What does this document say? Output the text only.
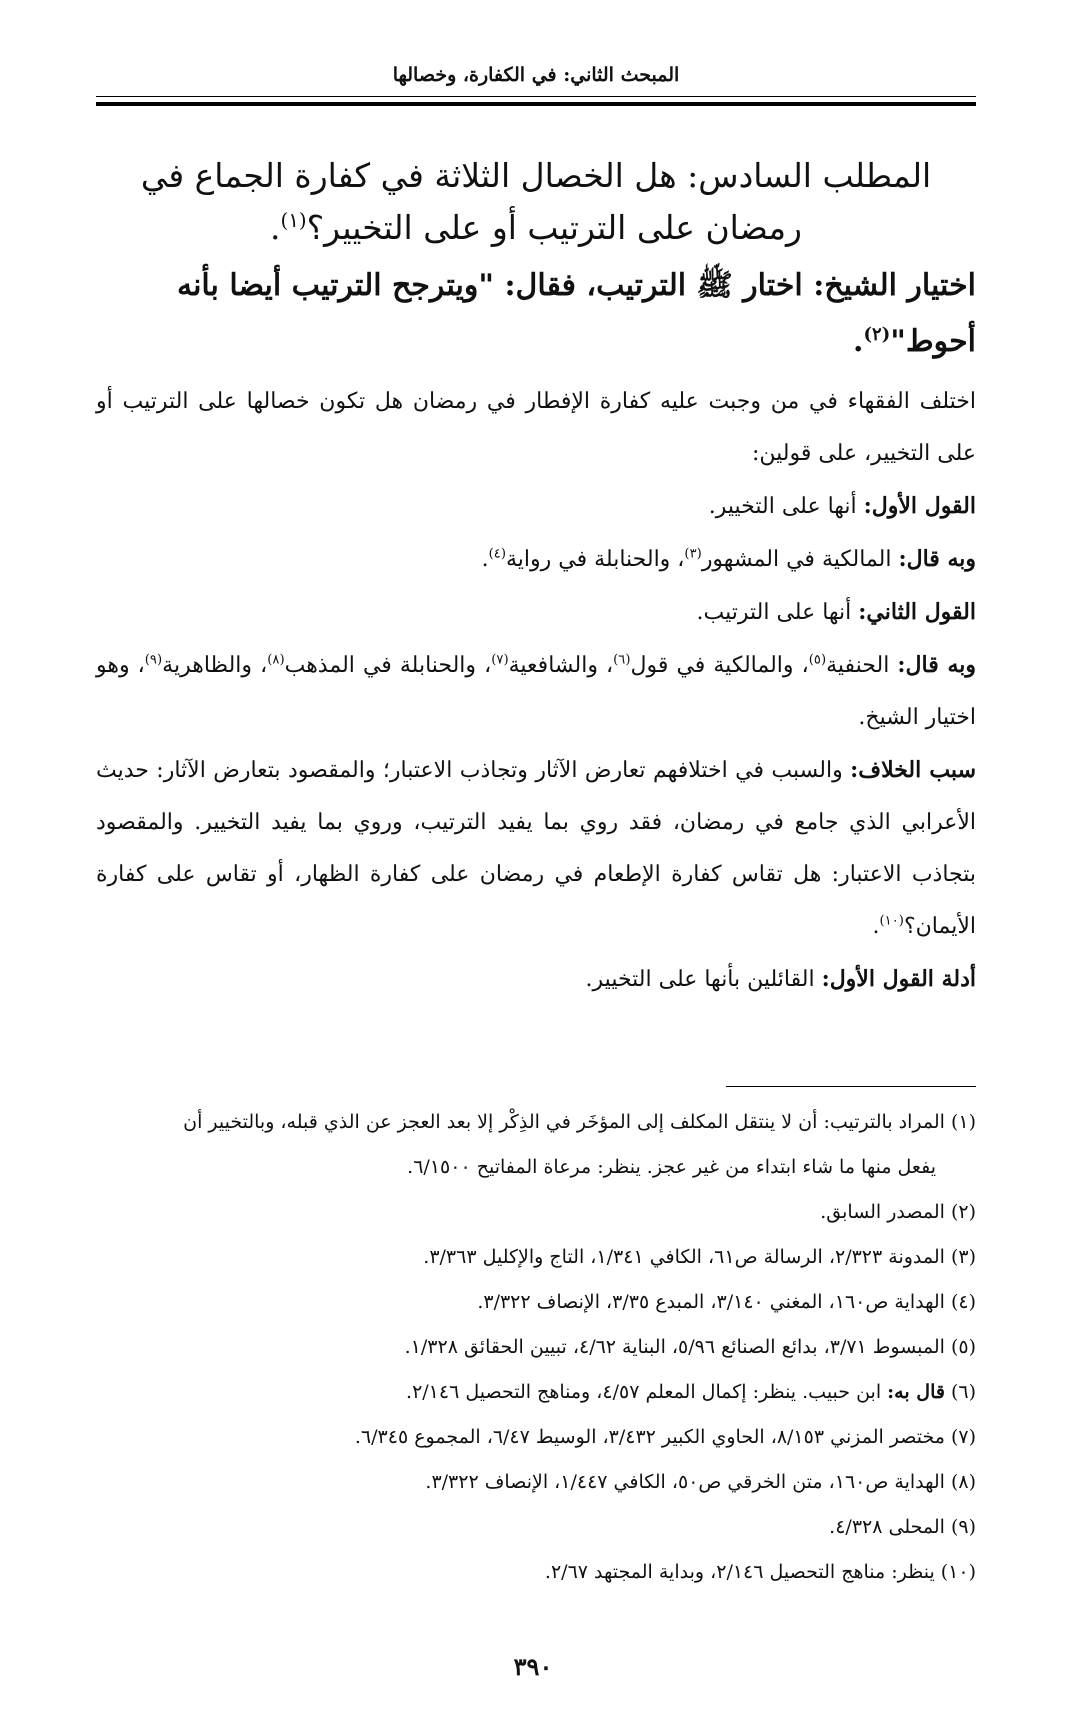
المبحث الثاني: في الكفارة، وخصالها
المطلب السادس: هل الخصال الثلاثة في كفارة الجماع في رمضان على الترتيب أو على التخيير؟$^{(١)}$.
اختيار الشيخ: اختار ﷺ الترتيب، فقال: "ويترجح الترتيب أيضا بأنه أحوط"$^{(٢)}$.

اختلف الفقهاء في من وجبت عليه كفارة الإفطار في رمضان هل تكون خصالها على الترتيب أو على التخيير، على قولين:

القول الأول: أنها على التخيير.

وبه قال: المالكية في المشهور$^{(٣)}$، والحنابلة في رواية$^{(٤)}$.

القول الثاني: أنها على الترتيب.

وبه قال: الحنفية$^{(٥)}$، والمالكية في قول$^{(٦)}$، والشافعية$^{(٧)}$، والحنابلة في المذهب$^{(٨)}$، والظاهرية$^{(٩)}$، وهو اختيار الشيخ.

سبب الخلاف: والسبب في اختلافهم تعارض الآثار وتجاذب الاعتبار؛ والمقصود بتعارض الآثار: حديث الأعرابي الذي جامع في رمضان، فقد روي بما يفيد الترتيب، وروي بما يفيد التخيير. والمقصود بتجاذب الاعتبار: هل تقاس كفارة الإطعام في رمضان على كفارة الظهار، أو تقاس على كفارة الأيمان؟$^{(١٠)}$.

أدلة القول الأول: القائلين بأنها على التخيير.

(١)المراد بالترتيب: أن لا ينتقل المكلف إلى المؤخَر في الذِكْر إلا بعد العجز عن الذي قبله، وبالتخيير أن

يفعل منها ما شاء ابتداء من غير عجز. ينظر: مرعاة المفاتيح ٦/١٥٠٠.

(٢)المصدر السابق.

(٣)المدونة ٢/٣٢٣، الرسالة ص٦١، الكافي ١/٣٤١، التاج والإكليل ٣/٣٦٣.

(٤)الهداية ص١٦٠، المغني ٣/١٤٠، المبدع ٣/٣٥، الإنصاف ٣/٣٢٢.

(٥)المبسوط ٣/٧١، بدائع الصنائع ٥/٩٦، البناية ٤/٦٢، تبيين الحقائق ١/٣٢٨.

(٦)قال به: ابن حبيب. ينظر: إكمال المعلم ٤/٥٧، ومناهج التحصيل ٢/١٤٦.

(٧)مختصر المزني ٨/١٥٣، الحاوي الكبير ٣/٤٣٢، الوسيط ٦/٤٧، المجموع ٦/٣٤٥.

(٨)الهداية ص١٦٠، متن الخرقي ص٥٠، الكافي ١/٤٤٧، الإنصاف ٣/٣٢٢.

(٩)المحلى ٤/٣٢٨.

(١٠)ينظر: مناهج التحصيل ٢/١٤٦، وبداية المجتهد ٢/٦٧.

٣٩٠
